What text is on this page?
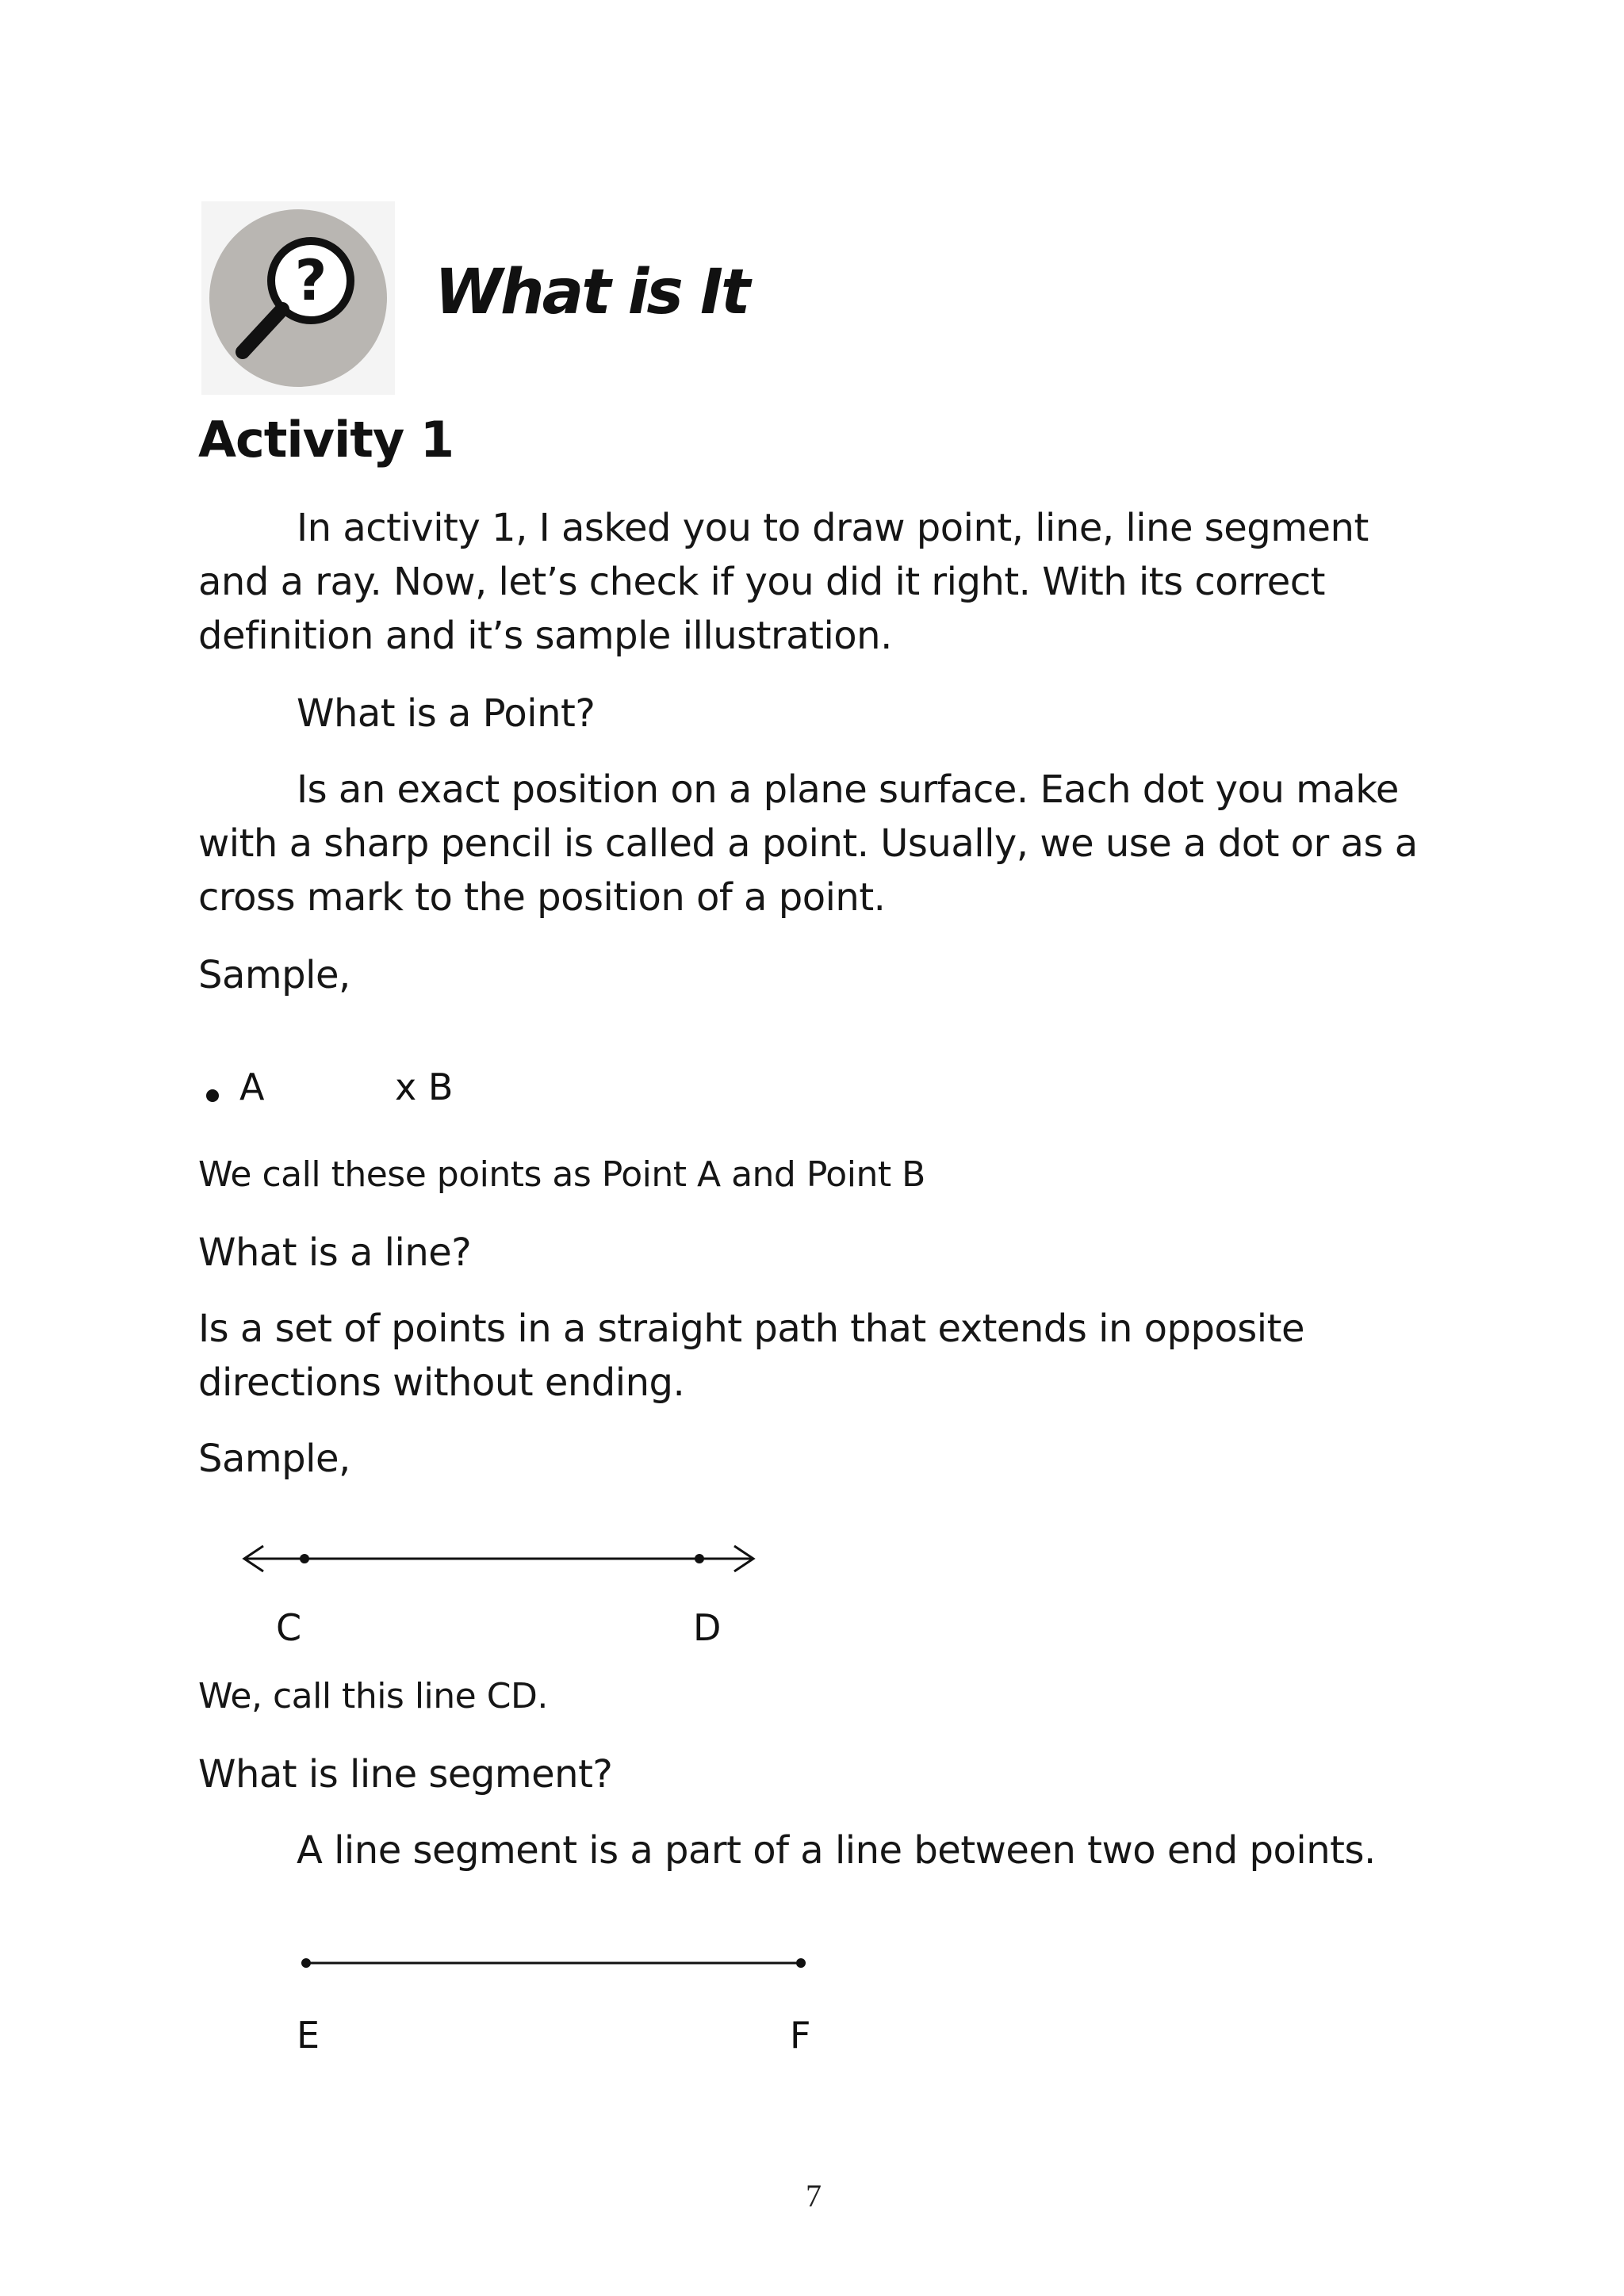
? What is It
Activity 1

In activity 1, I asked you to draw point, line, line segment and a ray. Now, let’s check if you did it right. With its correct definition and it’s sample illustration.

What is a Point?

Is an exact position on a plane surface. Each dot you make with a sharp pencil is called a point. Usually, we use a dot or as a cross mark to the position of a point.

Sample,

A	x B

We call these points as Point A and Point B

What is a line?

Is a set of points in a straight path that extends in opposite directions without ending.

Sample,

C	D

We, call this line CD.

What is line segment?

A line segment is a part of a line between two end points.

E	F
7
